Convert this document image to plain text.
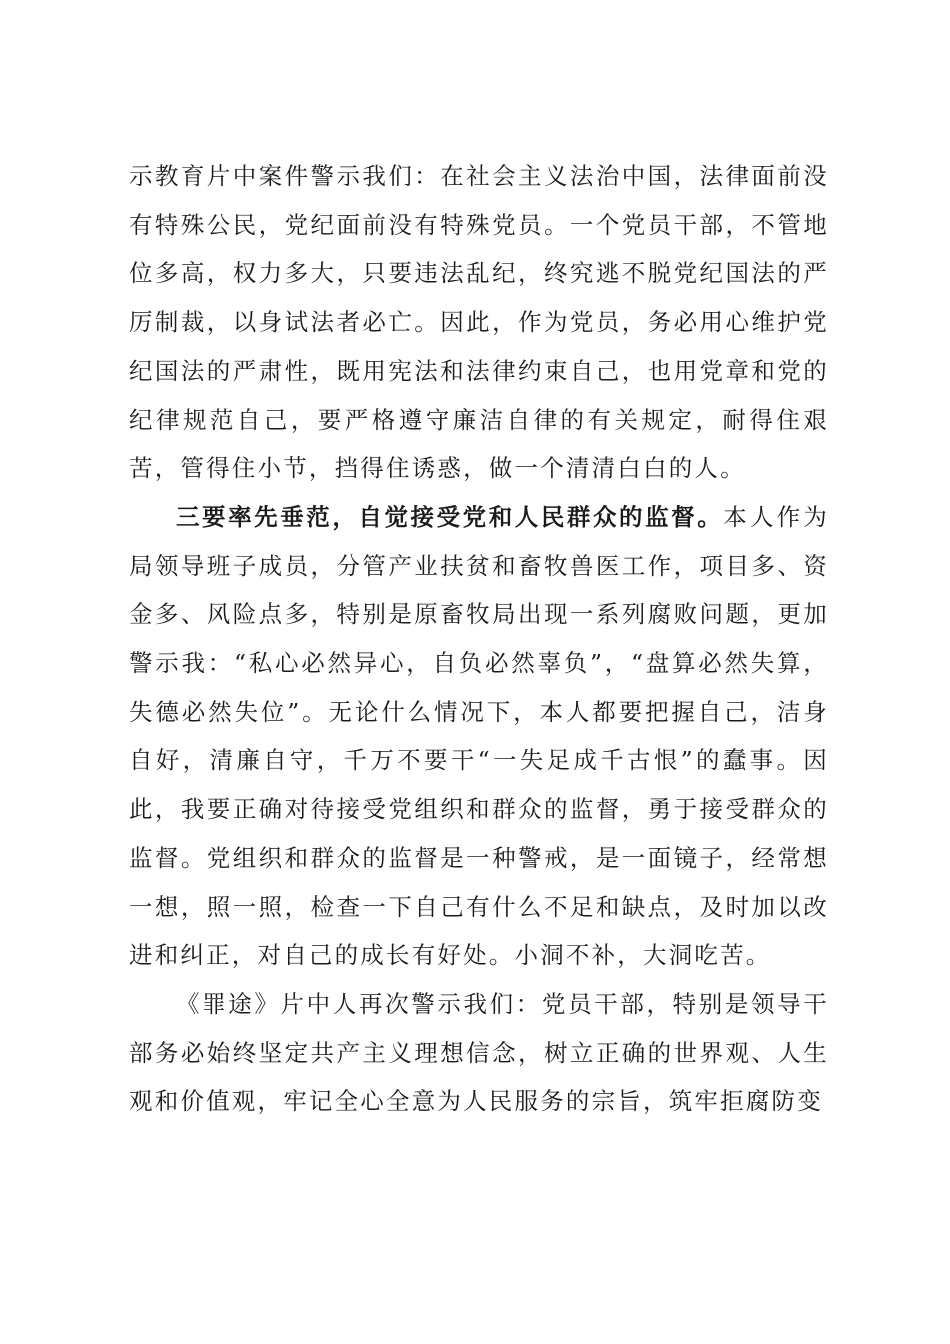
示教育片中案件警示我们：在社会主义法治中国，法律面前没有特殊公民，党纪面前没有特殊党员。一个党员干部，不管地位多高，权力多大，只要违法乱纪，终究逃不脱党纪国法的严厉制裁，以身试法者必亡。因此，作为党员，务必用心维护党纪国法的严肃性，既用宪法和法律约束自己，也用党章和党的纪律规范自己，要严格遵守廉洁自律的有关规定，耐得住艰苦，管得住小节，挡得住诱惑，做一个清清白白的人。

三要率先垂范，自觉接受党和人民群众的监督。本人作为局领导班子成员，分管产业扶贫和畜牧兽医工作，项目多、资金多、风险点多，特别是原畜牧局出现一系列腐败问题，更加警示我：“私心必然异心，自负必然辜负”，“盘算必然失算，失德必然失位”。无论什么情况下，本人都要把握自己，洁身自好，清廉自守，千万不要干“一失足成千古恨”的蠢事。因此，我要正确对待接受党组织和群众的监督，勇于接受群众的监督。党组织和群众的监督是一种警戒，是一面镜子，经常想一想，照一照，检查一下自己有什么不足和缺点，及时加以改进和纠正，对自己的成长有好处。小洞不补，大洞吃苦。

《罪途》片中人再次警示我们：党员干部，特别是领导干部务必始终坚定共产主义理想信念，树立正确的世界观、人生观和价值观，牢记全心全意为人民服务的宗旨，筑牢拒腐防变
